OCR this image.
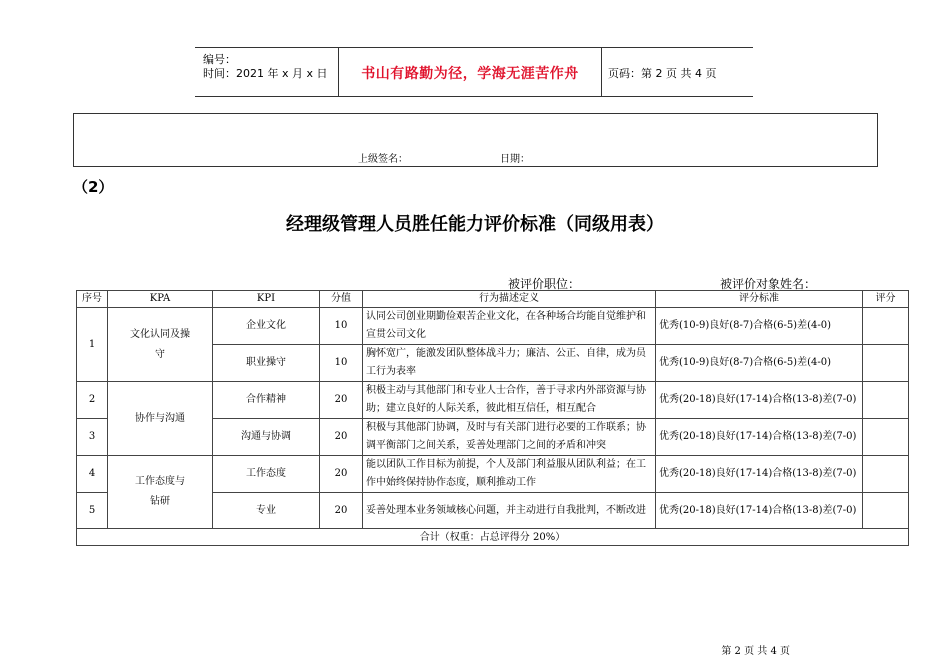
编号：
时间：2021 年 x 月 x 日	书山有路勤为径，学海无涯苦作舟	页码：第 2 页 共 4 页
上级签名：	日期：
（2）
经理级管理人员胜任能力评价标准（同级用表）
被评价职位：	被评价对象姓名：
序号	KPA	KPI	分值	行为描述定义	评分标准	评分
1	文化认同及操守	企业文化	10	认同公司创业期勤俭艰苦企业文化，在各种场合均能自觉维护和宣贯公司文化	优秀(10-9)良好(8-7)合格(6-5)差(4-0)	
		职业操守	10	胸怀宽广，能激发团队整体战斗力；廉洁、公正、自律，成为员工行为表率	优秀(10-9)良好(8-7)合格(6-5)差(4-0)	
2	协作与沟通	合作精神	20	积极主动与其他部门和专业人士合作，善于寻求内外部资源与协助；建立良好的人际关系，彼此相互信任，相互配合	优秀(20-18)良好(17-14)合格(13-8)差(7-0)	
3		沟通与协调	20	积极与其他部门协调，及时与有关部门进行必要的工作联系；协调平衡部门之间关系，妥善处理部门之间的矛盾和冲突	优秀(20-18)良好(17-14)合格(13-8)差(7-0)	
4	工作态度与钻研	工作态度	20	能以团队工作目标为前提，个人及部门利益服从团队利益；在工作中始终保持协作态度，顺利推动工作	优秀(20-18)良好(17-14)合格(13-8)差(7-0)	
5		专业	20	妥善处理本业务领域核心问题，并主动进行自我批判，不断改进	优秀(20-18)良好(17-14)合格(13-8)差(7-0)	
合计（权重：占总评得分 20%）						
第 2 页 共 4 页
